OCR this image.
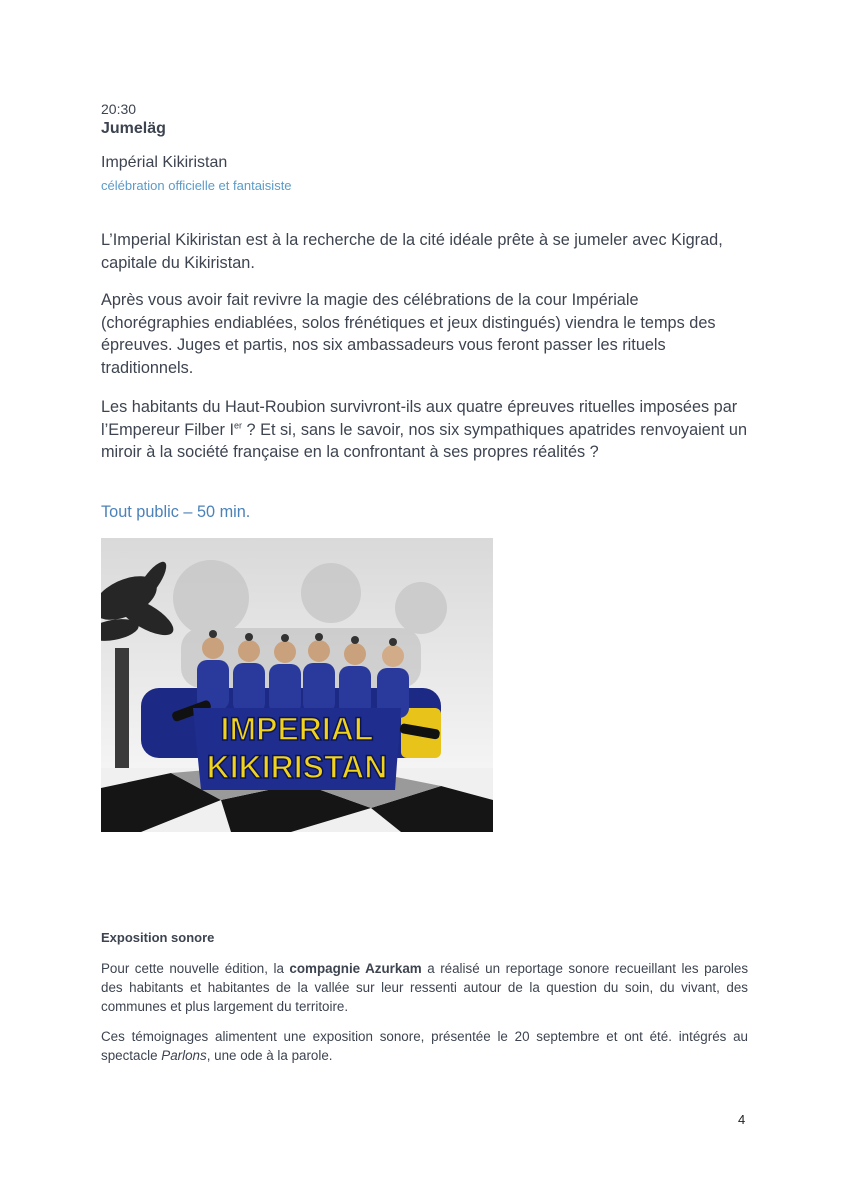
20:30
Jumeläg
Impérial Kikiristan
célébration officielle et fantaisiste

L’Imperial Kikiristan est à la recherche de la cité idéale prête à se jumeler avec Kigrad, capitale du Kikiristan.

Après vous avoir fait revivre la magie des célébrations de la cour Impériale (chorégraphies endiablées, solos frénétiques et jeux distingués) viendra le temps des épreuves. Juges et partis, nos six ambassadeurs vous feront passer les rituels traditionnels.

Les habitants du Haut-Roubion survivront-ils aux quatre épreuves rituelles imposées par l’Empereur Filber Ier ? Et si, sans le savoir, nos six sympathiques apatrides renvoyaient un miroir à la société française en la confrontant à ses propres réalités ?

Tout public – 50 min.
IMPERIAL
KIKIRISTAN
Exposition sonore

Pour cette nouvelle édition, la compagnie Azurkam a réalisé un reportage sonore recueillant les paroles des habitants et habitantes de la vallée sur leur ressenti autour de la question du soin, du vivant, des communes et plus largement du territoire.

Ces témoignages alimentent une exposition sonore, présentée le 20 septembre et ont été. intégrés au spectacle Parlons, une ode à la parole.

4
